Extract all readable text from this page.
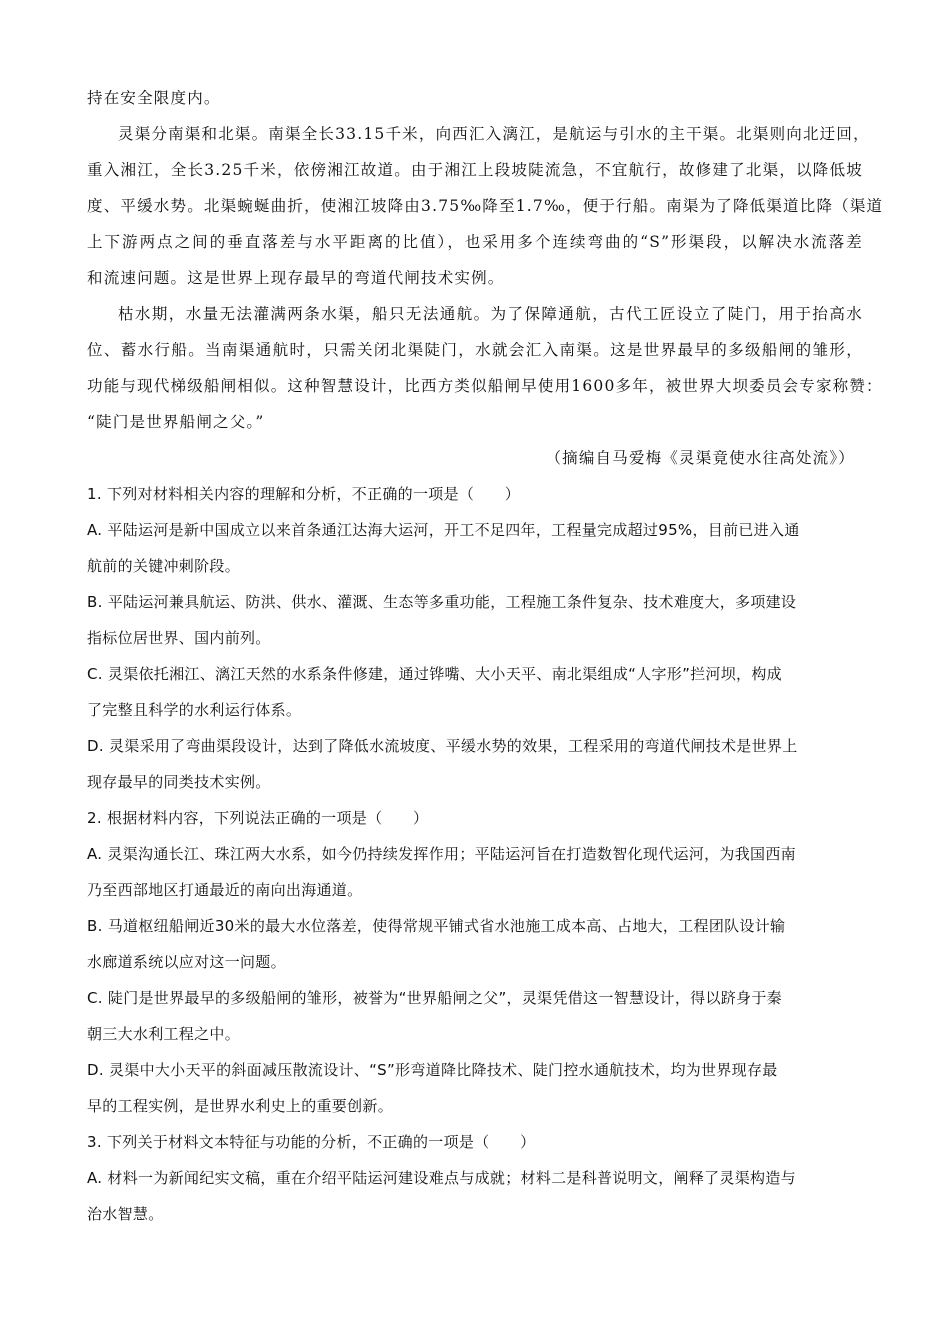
持在安全限度内。
灵渠分南渠和北渠。南渠全长33.15千米，向西汇入漓江，是航运与引水的主干渠。北渠则向北迂回，
重入湘江，全长3.25千米，依傍湘江故道。由于湘江上段坡陡流急，不宜航行，故修建了北渠，以降低坡
度、平缓水势。北渠蜿蜒曲折，使湘江坡降由3.75‰降至1.7‰，便于行船。南渠为了降低渠道比降（渠道
上下游两点之间的垂直落差与水平距离的比值），也采用多个连续弯曲的“S”形渠段，以解决水流落差
和流速问题。这是世界上现存最早的弯道代闸技术实例。
枯水期，水量无法灌满两条水渠，船只无法通航。为了保障通航，古代工匠设立了陡门，用于抬高水
位、蓄水行船。当南渠通航时，只需关闭北渠陡门，水就会汇入南渠。这是世界最早的多级船闸的雏形，
功能与现代梯级船闸相似。这种智慧设计，比西方类似船闸早使用1600多年，被世界大坝委员会专家称赞：
“陡门是世界船闸之父。”
（摘编自马爱梅《灵渠竟使水往高处流》）
1. 下列对材料相关内容的理解和分析，不正确的一项是（　　）
A. 平陆运河是新中国成立以来首条通江达海大运河，开工不足四年，工程量完成超过95%，目前已进入通
航前的关键冲刺阶段。
B. 平陆运河兼具航运、防洪、供水、灌溉、生态等多重功能，工程施工条件复杂、技术难度大，多项建设
指标位居世界、国内前列。
C. 灵渠依托湘江、漓江天然的水系条件修建，通过铧嘴、大小天平、南北渠组成“人字形”拦河坝，构成
了完整且科学的水利运行体系。
D. 灵渠采用了弯曲渠段设计，达到了降低水流坡度、平缓水势的效果，工程采用的弯道代闸技术是世界上
现存最早的同类技术实例。
2. 根据材料内容，下列说法正确的一项是（　　）
A. 灵渠沟通长江、珠江两大水系，如今仍持续发挥作用；平陆运河旨在打造数智化现代运河，为我国西南
乃至西部地区打通最近的南向出海通道。
B. 马道枢纽船闸近30米的最大水位落差，使得常规平铺式省水池施工成本高、占地大，工程团队设计输
水廊道系统以应对这一问题。
C. 陡门是世界最早的多级船闸的雏形，被誉为“世界船闸之父”，灵渠凭借这一智慧设计，得以跻身于秦
朝三大水利工程之中。
D. 灵渠中大小天平的斜面减压散流设计、“S”形弯道降比降技术、陡门控水通航技术，均为世界现存最
早的工程实例，是世界水利史上的重要创新。
3. 下列关于材料文本特征与功能的分析，不正确的一项是（　　）
A. 材料一为新闻纪实文稿，重在介绍平陆运河建设难点与成就；材料二是科普说明文，阐释了灵渠构造与
治水智慧。
